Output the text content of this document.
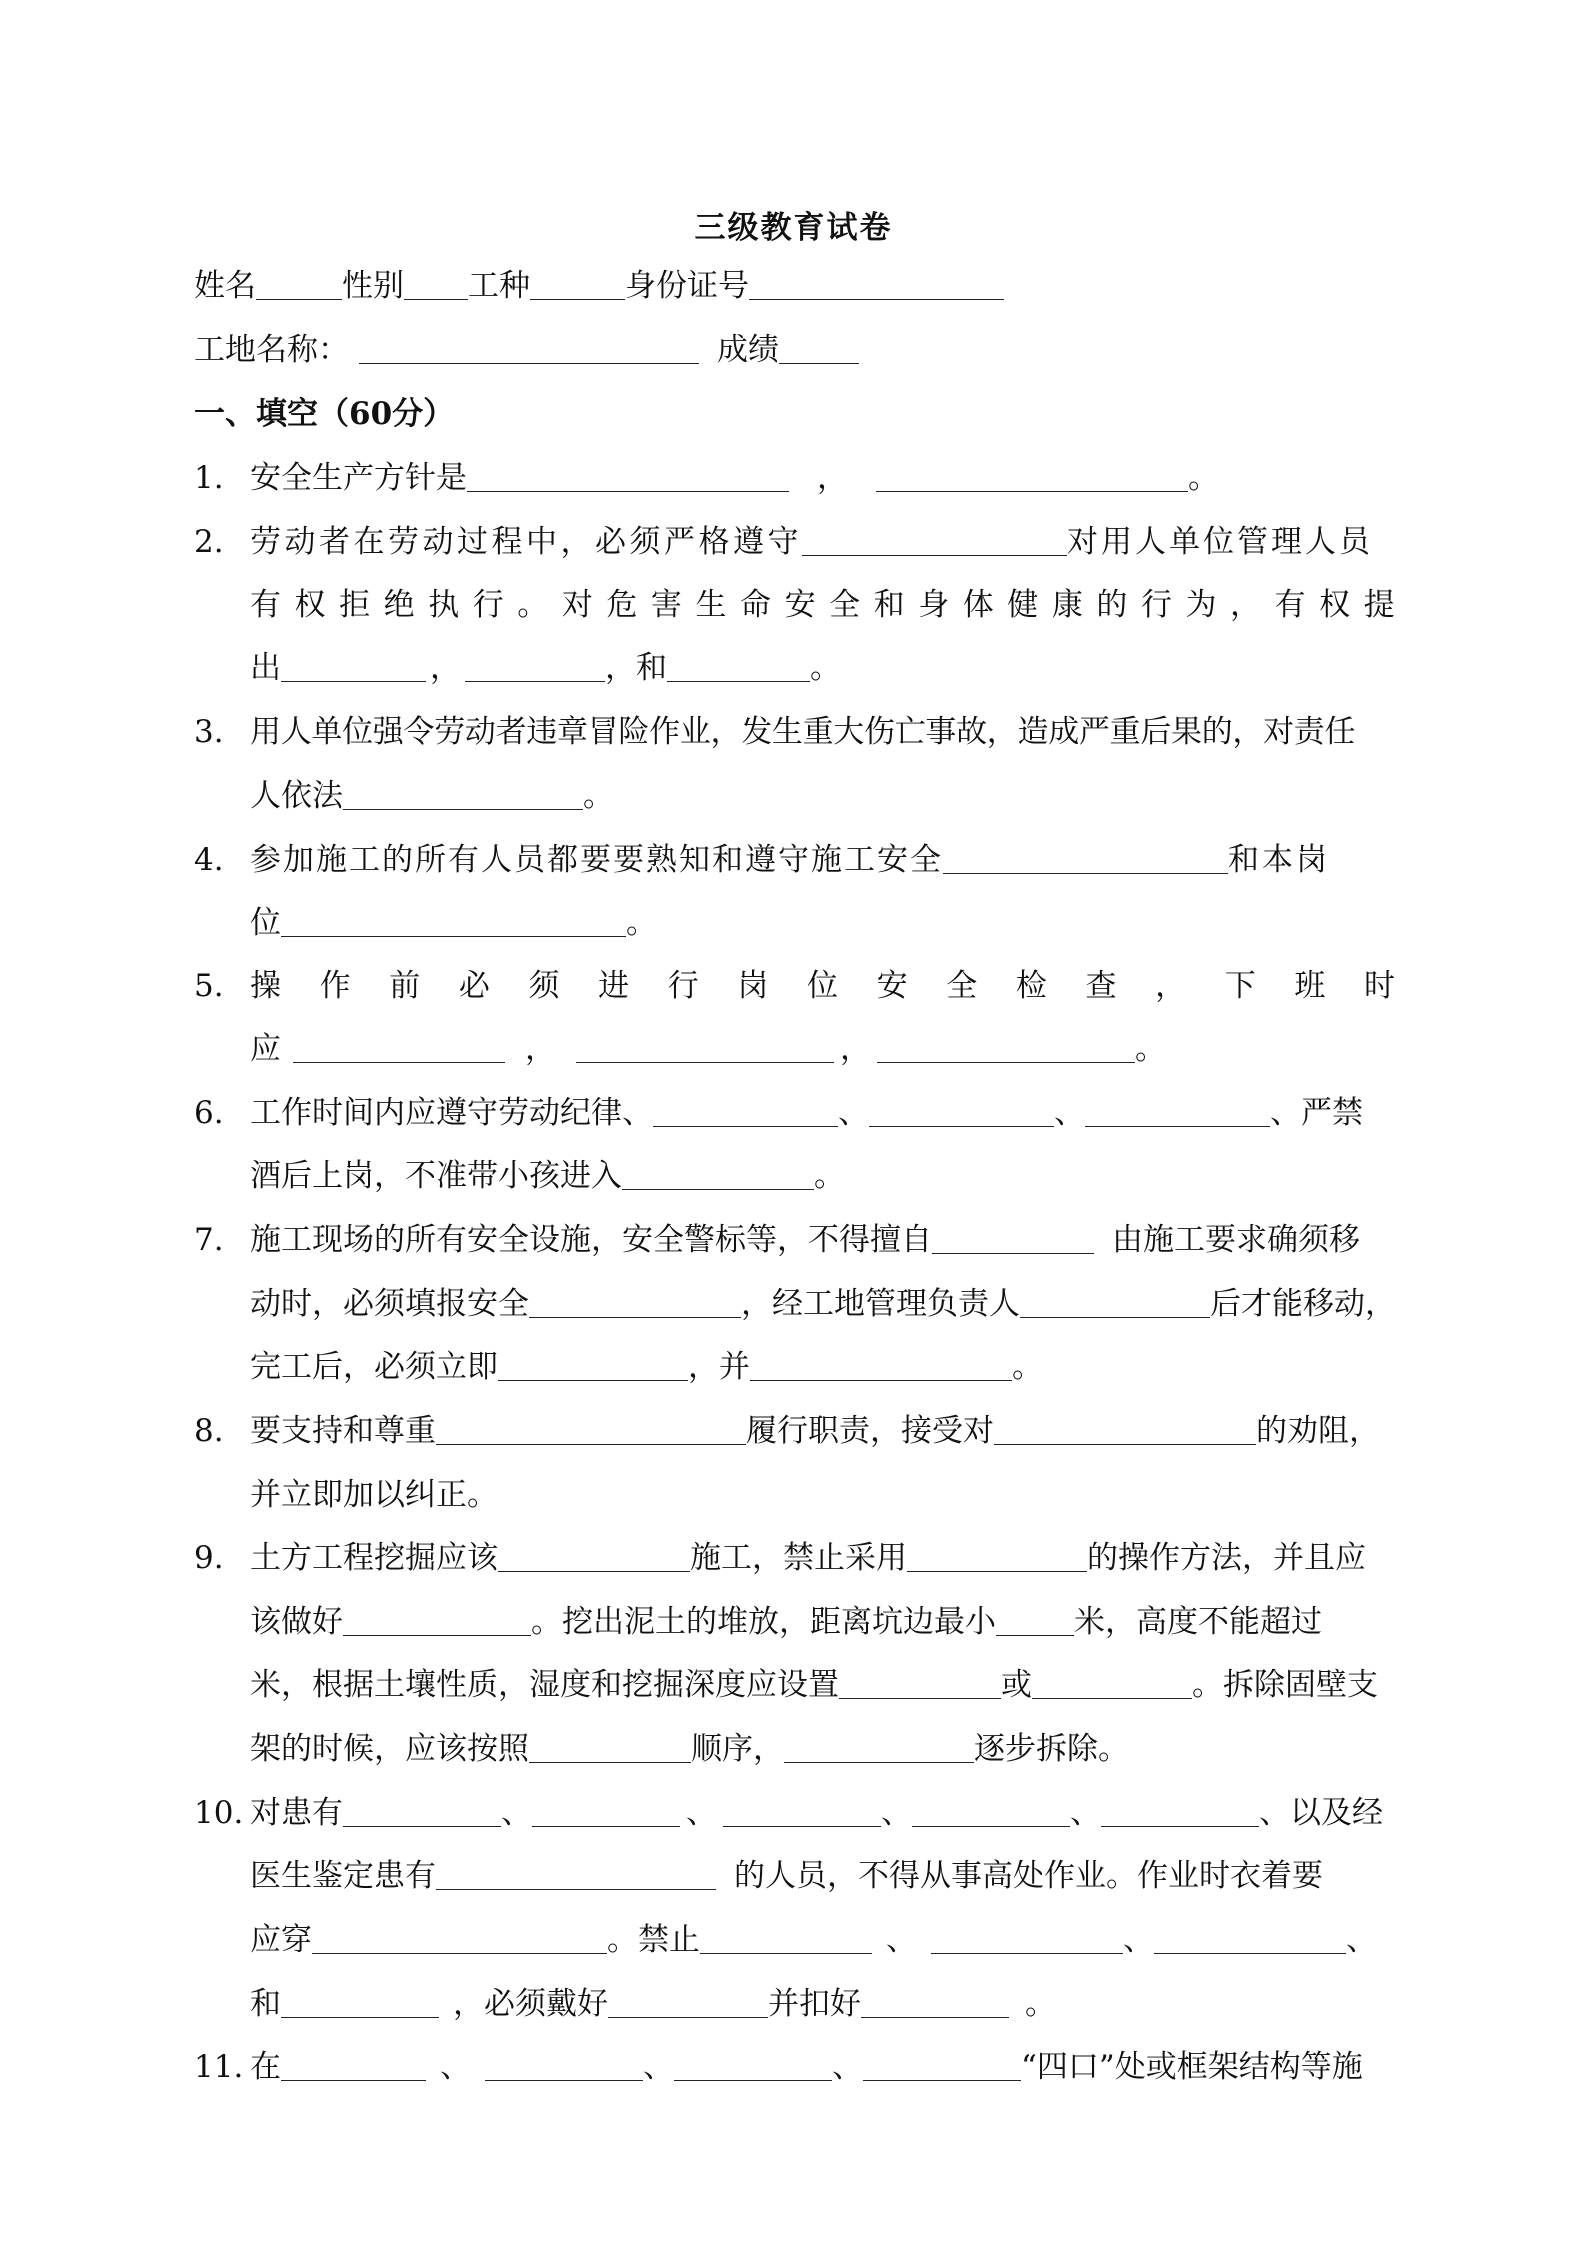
三级教育试卷
姓名	性别 工种	身份证号
工地名称：	成绩
一、填空（60分）
1. 安全生产方针是	，	。
2. 劳动者在劳动过程中，必须严格遵守	对用人单位管理人员
有 权 拒 绝 执 行 。 对 危 害 生 命 安 全 和 身 体 健 康 的 行 为 ， 有 权 提
出	，	，和	。
3. 用人单位强令劳动者违章冒险作业，发生重大伤亡事故，造成严重后果的，对责任
人依法	。
4. 参加施工的所有人员都要要熟知和遵守施工安全	和本岗
位	。
5. 操 作 前 必 须 进 行 岗 位 安 全 检 查 ， 下 班 时
应	，	，	。
6. 工作时间内应遵守劳动纪律、	、	、	、严禁
酒后上岗，不准带小孩进入	。
7. 施工现场的所有安全设施，安全警标等，不得擅自	由施工要求确须移
动时，必须填报安全	，经工地管理负责人	后才能移动，
完工后，必须立即	，并	。
8. 要支持和尊重	履行职责，接受对	的劝阻，
并立即加以纠正。
9. 土方工程挖掘应该	施工，禁止采用	的操作方法，并且应
该做好	。挖出泥土的堆放，距离坑边最小	米，高度不能超过
米，根据土壤性质，湿度和挖掘深度应设置	或	。拆除固壁支
架的时候，应该按照	顺序，	逐步拆除。
10. 对患有	、	、	、	、	、以及经
医生鉴定患有	的人员，不得从事高处作业。作业时衣着要
应穿	。禁止	、	、	、
和	，必须戴好	并扣好	。
11. 在	、	、	、	“四口”处或框架结构等施
